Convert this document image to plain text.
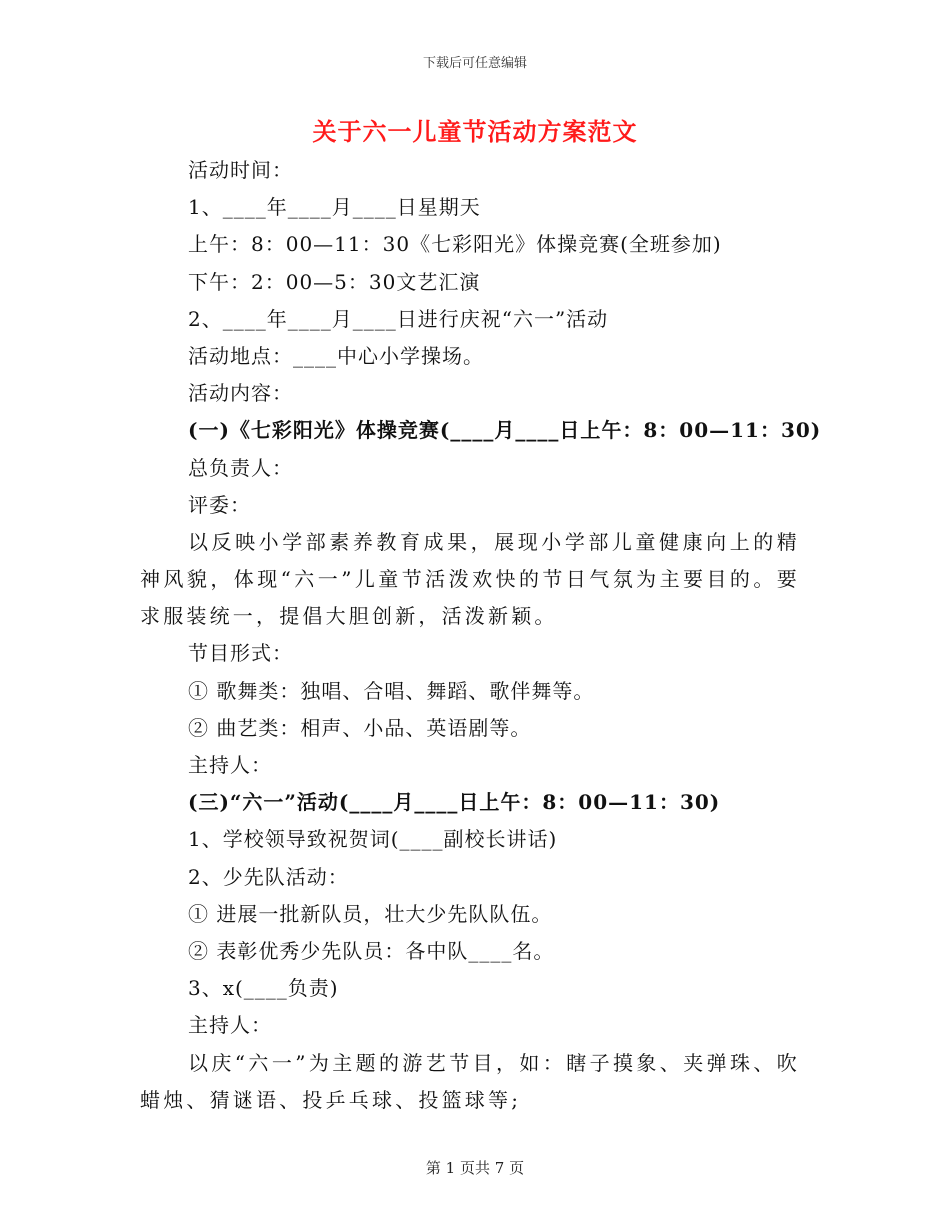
下载后可任意编辑
关于六一儿童节活动方案范文
活动时间：
1、____年____月____日星期天
上午：8：00—11：30《七彩阳光》体操竞赛(全班参加)
下午：2：00—5：30文艺汇演
2、____年____月____日进行庆祝“六一”活动
活动地点：____中心小学操场。
活动内容：
(一)《七彩阳光》体操竞赛(____月____日上午：8：00—11：30)
总负责人：
评委：
以反映小学部素养教育成果，展现小学部儿童健康向上的精神风貌，体现“六一”儿童节活泼欢快的节日气氛为主要目的。要求服装统一，提倡大胆创新，活泼新颖。
节目形式：
① 歌舞类：独唱、合唱、舞蹈、歌伴舞等。
② 曲艺类：相声、小品、英语剧等。
主持人：
(三)“六一”活动(____月____日上午：8：00—11：30)
1、学校领导致祝贺词(____副校长讲话)
2、少先队活动：
① 进展一批新队员，壮大少先队队伍。
② 表彰优秀少先队员：各中队____名。
3、x(____负责)
主持人：
以庆“六一”为主题的游艺节目，如：瞎子摸象、夹弹珠、吹蜡烛、猜谜语、投乒乓球、投篮球等;
第 1 页共 7 页
